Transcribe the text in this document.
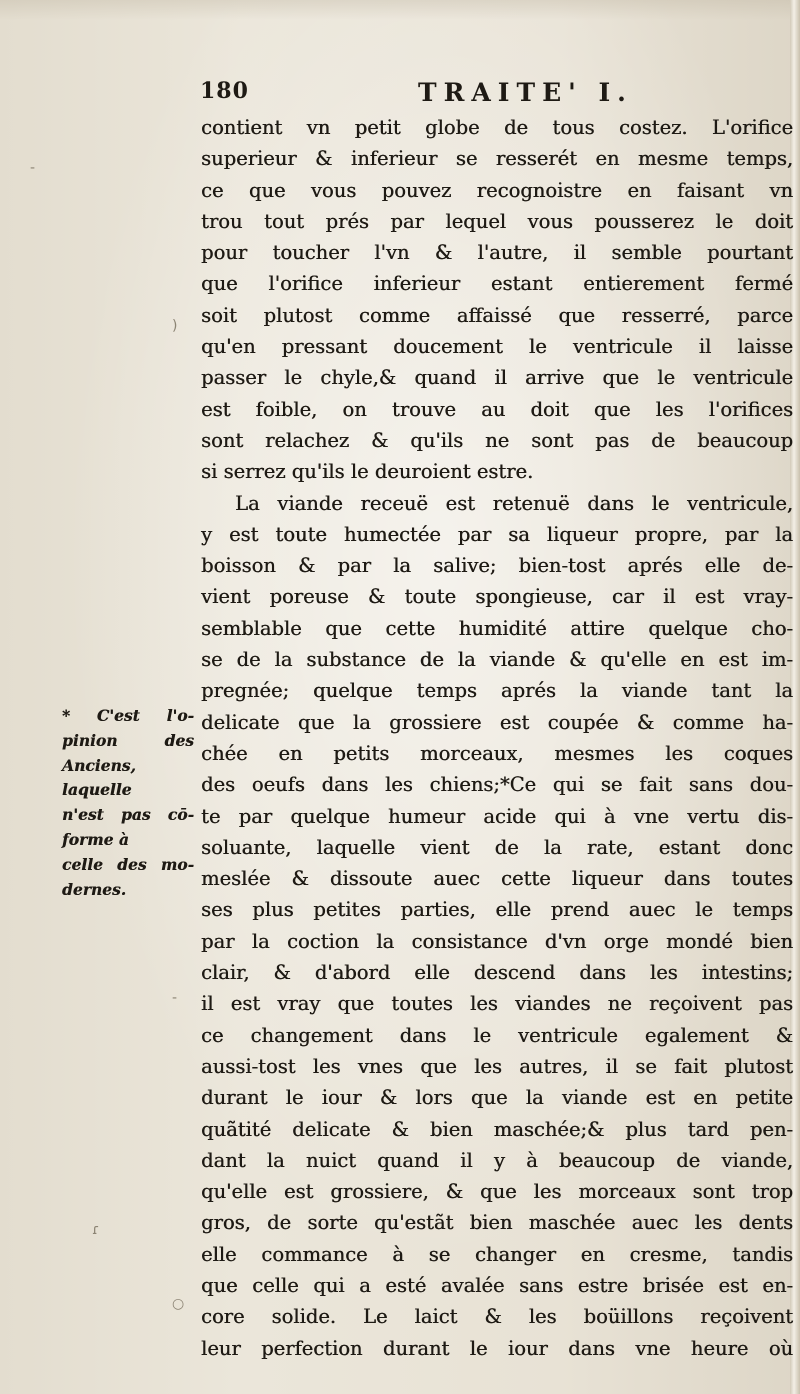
180	TRAITE' I.
contient vn petit globe de tous costez. L'orifice
superieur & inferieur se resserét en mesme temps,
ce que vous pouvez recognoistre en faisant vn
trou tout prés par lequel vous pousserez le doit
pour toucher l'vn & l'autre, il semble pourtant
que l'orifice inferieur estant entierement fermé
soit plutost comme affaissé que resserré, parce
qu'en pressant doucement le ventricule il laisse
passer le chyle,& quand il arrive que le ventricule
est foible, on trouve au doit que les l'orifices
sont relachez & qu'ils ne sont pas de beaucoup
si serrez qu'ils le deuroient estre.
La viande receuë est retenuë dans le ventricule,
y est toute humectée par sa liqueur propre, par la
boisson & par la salive; bien-tost aprés elle de-
vient poreuse & toute spongieuse, car il est vray-
semblable que cette humidité attire quelque cho-
se de la substance de la viande & qu'elle en est im-
pregnée; quelque temps aprés la viande tant la
delicate que la grossiere est coupée & comme ha-
chée en petits morceaux, mesmes les coques
des oeufs dans les chiens;*Ce qui se fait sans dou-
te par quelque humeur acide qui à vne vertu dis-
soluante, laquelle vient de la rate, estant donc
meslée & dissoute auec cette liqueur dans toutes
ses plus petites parties, elle prend auec le temps
par la coction la consistance d'vn orge mondé bien
clair, & d'abord elle descend dans les intestins;
il est vray que toutes les viandes ne reçoivent pas
ce changement dans le ventricule egalement &
aussi-tost les vnes que les autres, il se fait plutost
durant le iour & lors que la viande est en petite
quãtité delicate & bien maschée;& plus tard pen-
dant la nuict quand il y à beaucoup de viande,
qu'elle est grossiere, & que les morceaux sont trop
gros, de sorte qu'estãt bien maschée auec les dents
elle commance à se changer en cresme, tandis
que celle qui a esté avalée sans estre brisée est en-
core solide. Le laict & les boüillons reçoivent
leur perfection durant le iour dans vne heure où
* C'est l'o-
pinion des
Anciens,
laquelle
n'est pas cō-
forme à
celle des mo-
dernes.
-
)
ɾ
-
○
